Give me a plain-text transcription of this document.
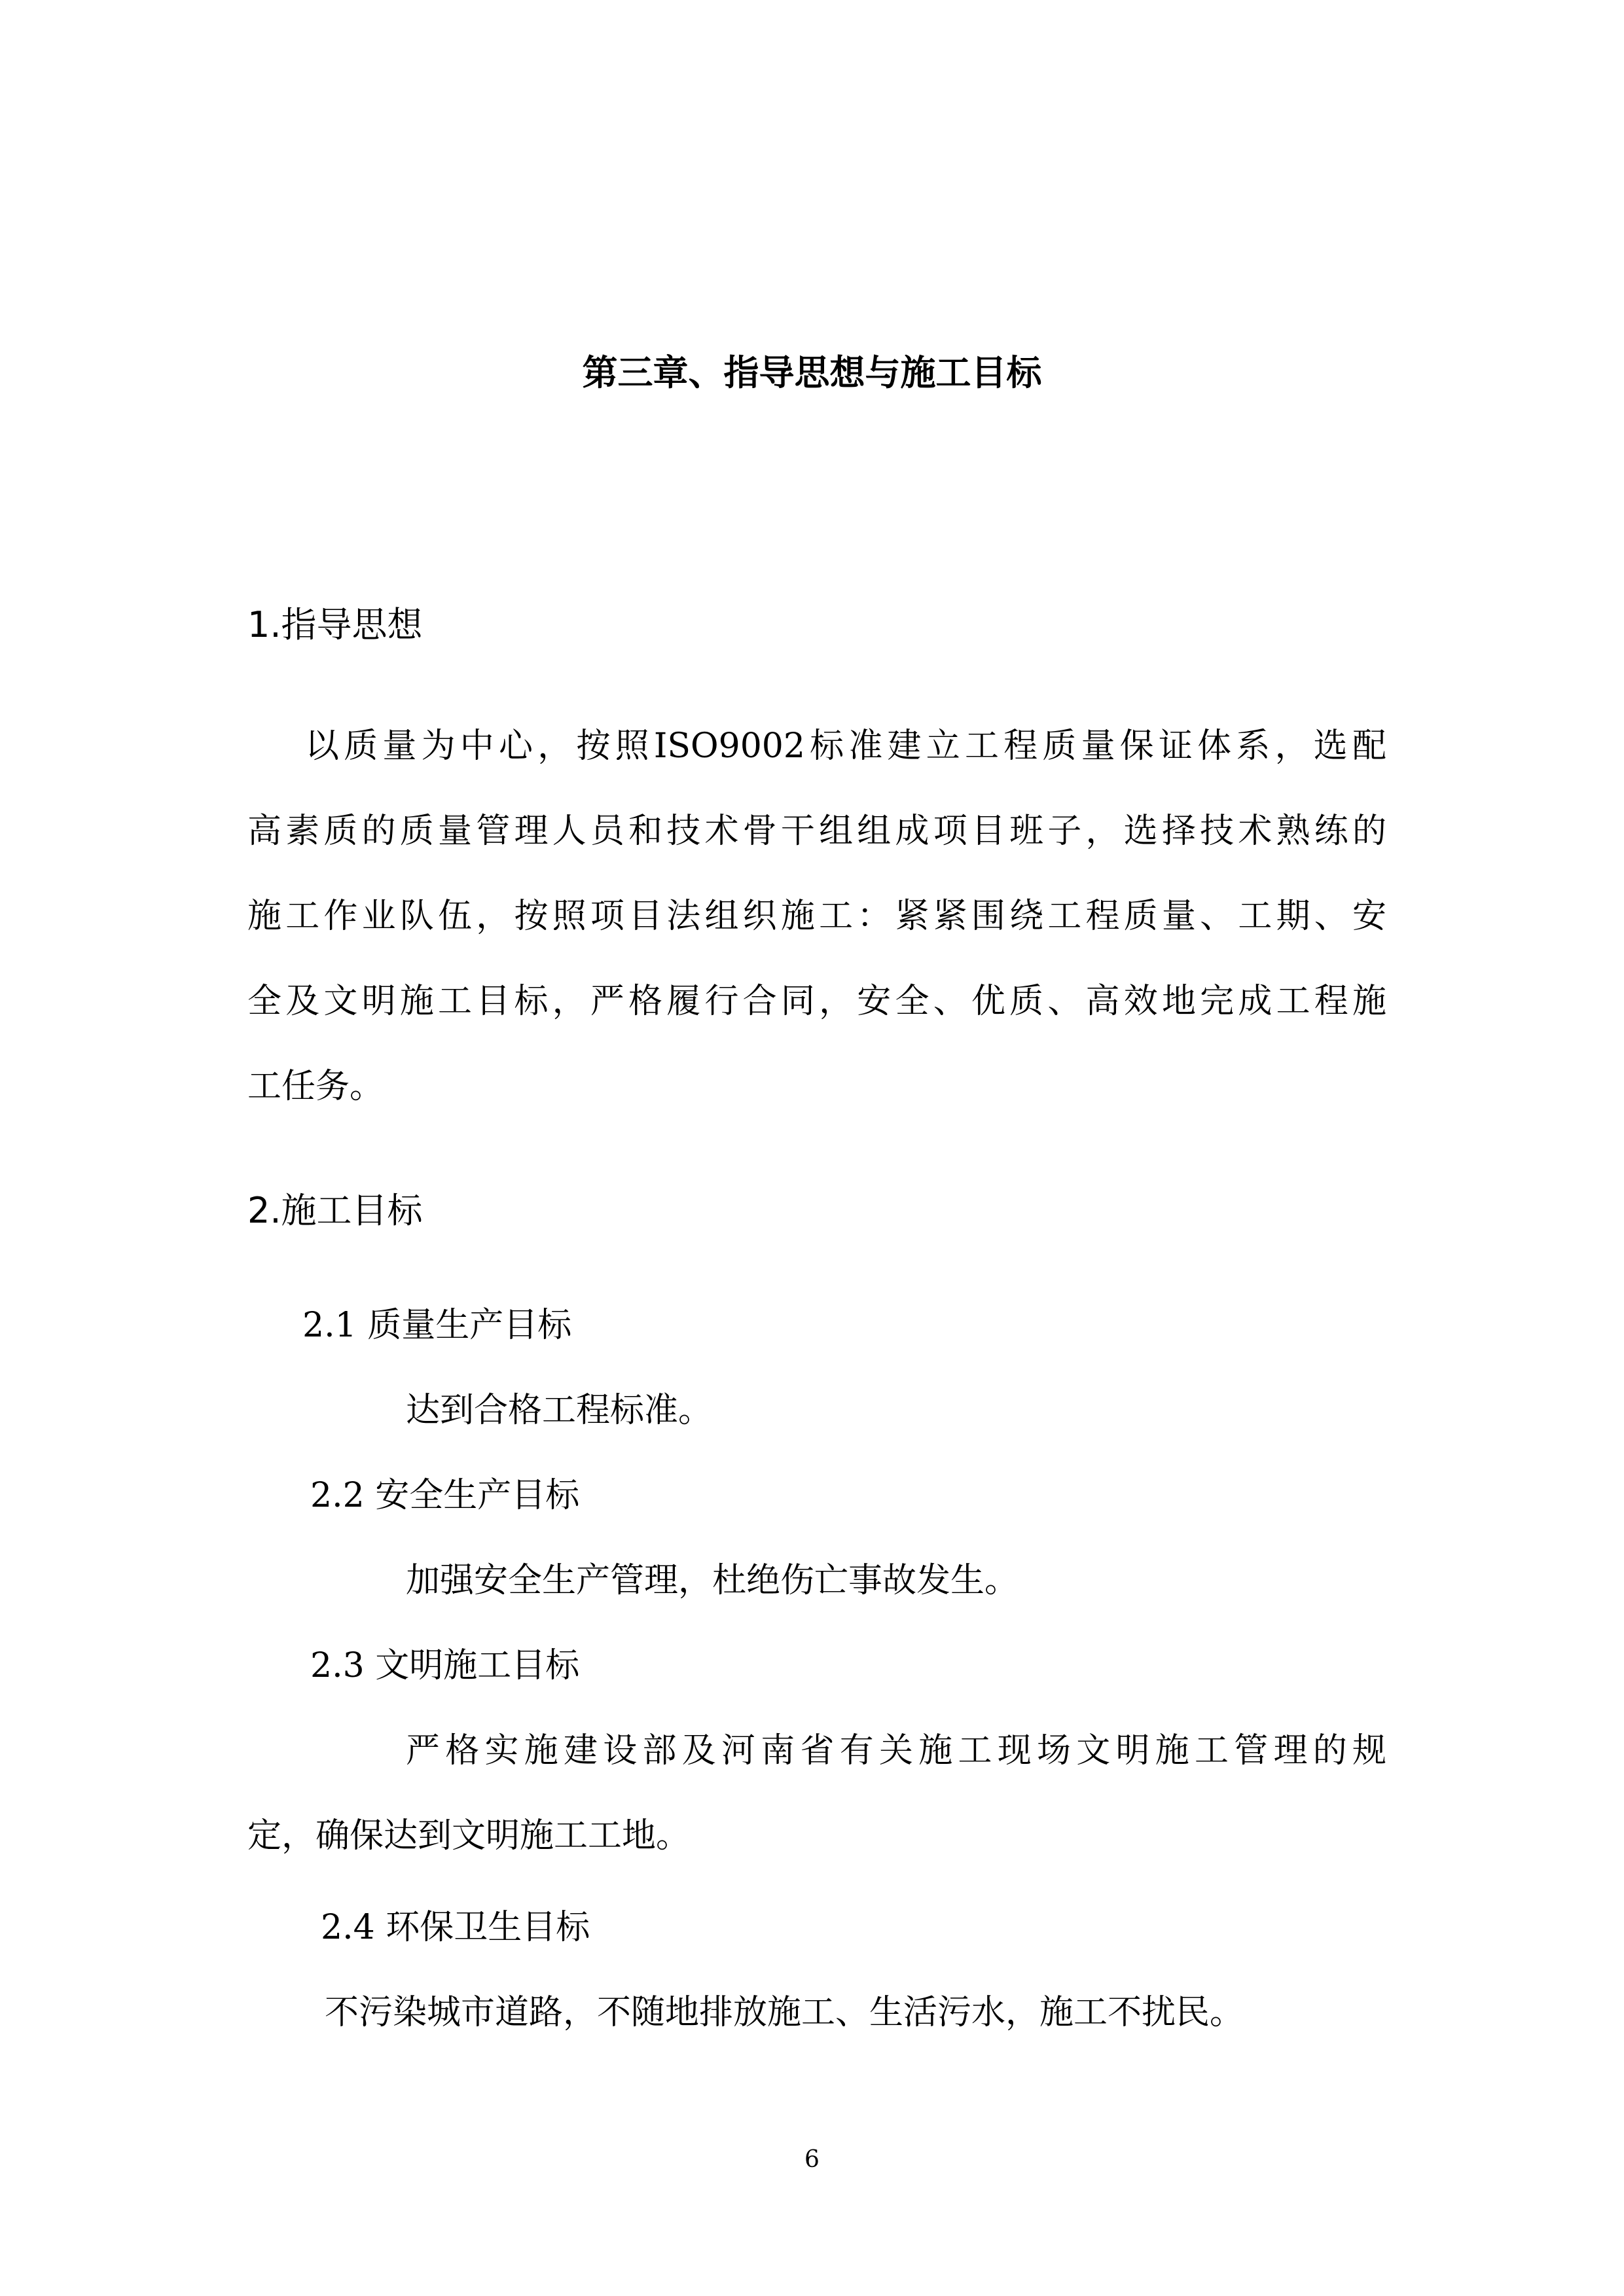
第三章、指导思想与施工目标
1.指导思想
以质量为中心，按照ISO9002标准建立工程质量保证体系，选配
高素质的质量管理人员和技术骨干组组成项目班子，选择技术熟练的
施工作业队伍，按照项目法组织施工：紧紧围绕工程质量、工期、安
全及文明施工目标，严格履行合同，安全、优质、高效地完成工程施
工任务。
2.施工目标
2.1 质量生产目标
达到合格工程标准。
2.2 安全生产目标
加强安全生产管理，杜绝伤亡事故发生。
2.3 文明施工目标
严格实施建设部及河南省有关施工现场文明施工管理的规
定，确保达到文明施工工地。
2.4 环保卫生目标
不污染城市道路，不随地排放施工、生活污水，施工不扰民。
6
